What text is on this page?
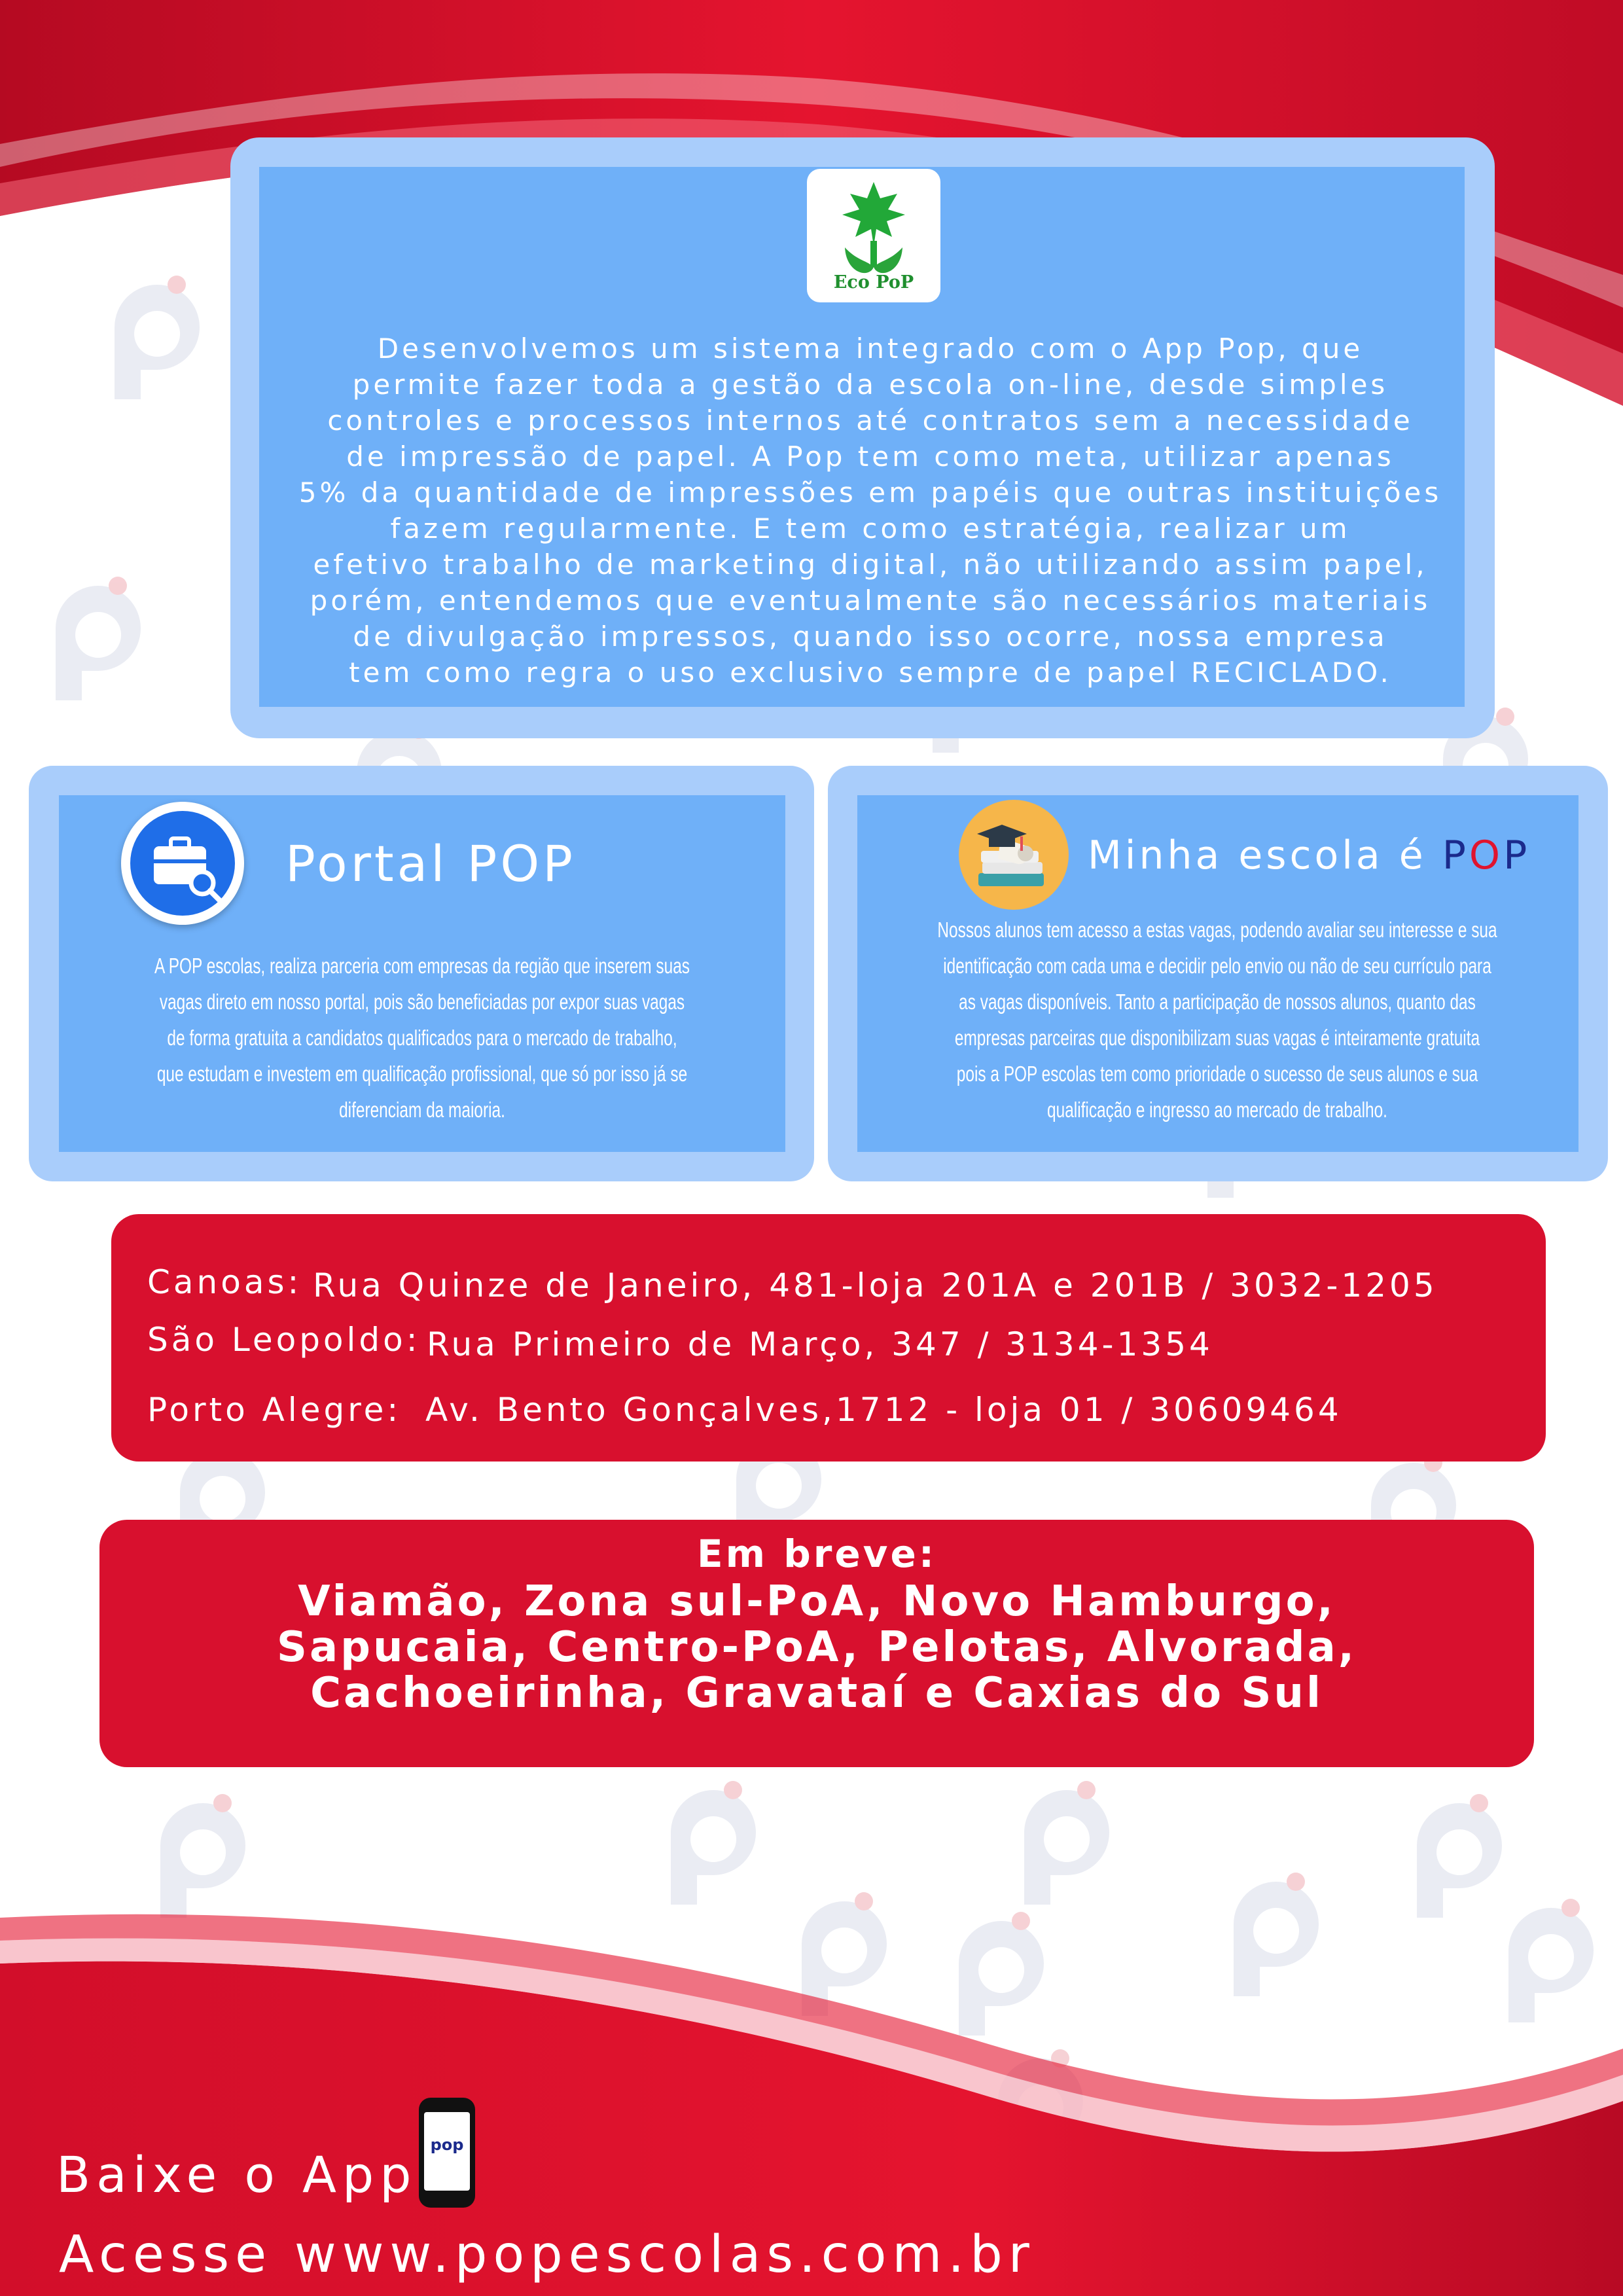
Eco PoP
Desenvolvemos um sistema integrado com o App Pop, que
permite fazer toda a gestão da escola on-line, desde simples
controles e processos internos até contratos sem a necessidade
de impressão de papel. A Pop tem como meta, utilizar apenas
5% da quantidade de impressões em papéis que outras instituições
fazem regularmente. E tem como estratégia, realizar um
efetivo trabalho de marketing digital, não utilizando assim papel,
porém, entendemos que eventualmente são necessários materiais
de divulgação impressos, quando isso ocorre, nossa empresa
tem como regra o uso exclusivo sempre de papel RECICLADO.
Portal POP
A POP escolas, realiza parceria com empresas da região que inserem suas
vagas direto em nosso portal, pois são beneficiadas por expor suas vagas
de forma gratuita a candidatos qualificados para o mercado de trabalho,
que estudam e investem em qualificação profissional, que só por isso já se
diferenciam da maioria.
Minha escola é POP
Nossos alunos tem acesso a estas vagas, podendo avaliar seu interesse e sua
identificação com cada uma e decidir pelo envio ou não de seu currículo para
as vagas disponíveis. Tanto a participação de nossos alunos, quanto das
empresas parceiras que disponibilizam suas vagas é inteiramente gratuita
pois a POP escolas tem como prioridade o sucesso de seus alunos e sua
qualificação e ingresso ao mercado de trabalho.
Canoas: Rua Quinze de Janeiro, 481-loja 201A e 201B / 3032-1205
São Leopoldo: Rua Primeiro de Março, 347 / 3134-1354
Porto Alegre: Av. Bento Gonçalves,1712 - loja 01 / 30609464
Em breve:
Viamão, Zona sul-PoA, Novo Hamburgo,
Sapucaia, Centro-PoA, Pelotas, Alvorada,
Cachoeirinha, Gravataí e Caxias do Sul
Baixe o App
pop
Acesse www.popescolas.com.br
